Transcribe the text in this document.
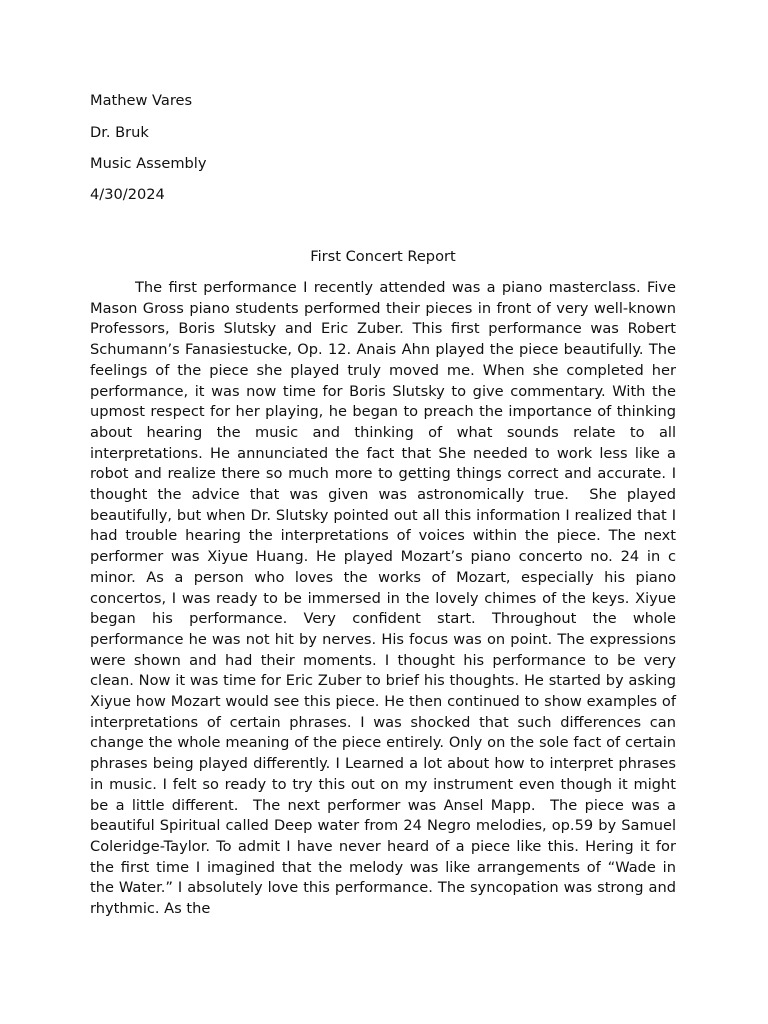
Mathew Vares
Dr. Bruk
Music Assembly
4/30/2024
First Concert Report

The first performance I recently attended was a piano masterclass. Five Mason Gross piano students performed their pieces in front of very well-known Professors, Boris Slutsky and Eric Zuber. This first performance was Robert Schumann’s Fanasiestucke, Op. 12. Anais Ahn played the piece beautifully. The feelings of the piece she played truly moved me. When she completed her performance, it was now time for Boris Slutsky to give commentary. With the upmost respect for her playing, he began to preach the importance of thinking about hearing the music and thinking of what sounds relate to all interpretations. He annunciated the fact that She needed to work less like a robot and realize there so much more to getting things correct and accurate. I thought the advice that was given was astronomically true.  She played beautifully, but when Dr. Slutsky pointed out all this information I realized that I had trouble hearing the interpretations of voices within the piece. The next performer was Xiyue Huang. He played Mozart’s piano concerto no. 24 in c minor. As a person who loves the works of Mozart, especially his piano concertos, I was ready to be immersed in the lovely chimes of the keys. Xiyue began his performance. Very confident start. Throughout the whole performance he was not hit by nerves. His focus was on point. The expressions were shown and had their moments. I thought his performance to be very clean. Now it was time for Eric Zuber to brief his thoughts. He started by asking Xiyue how Mozart would see this piece. He then continued to show examples of interpretations of certain phrases. I was shocked that such differences can change the whole meaning of the piece entirely. Only on the sole fact of certain phrases being played differently. I Learned a lot about how to interpret phrases in music. I felt so ready to try this out on my instrument even though it might be a little different.  The next performer was Ansel Mapp.  The piece was a beautiful Spiritual called Deep water from 24 Negro melodies, op.59 by Samuel Coleridge-Taylor. To admit I have never heard of a piece like this. Hering it for the first time I imagined that the melody was like arrangements of “Wade in the Water.” I absolutely love this performance. The syncopation was strong and rhythmic. As the
